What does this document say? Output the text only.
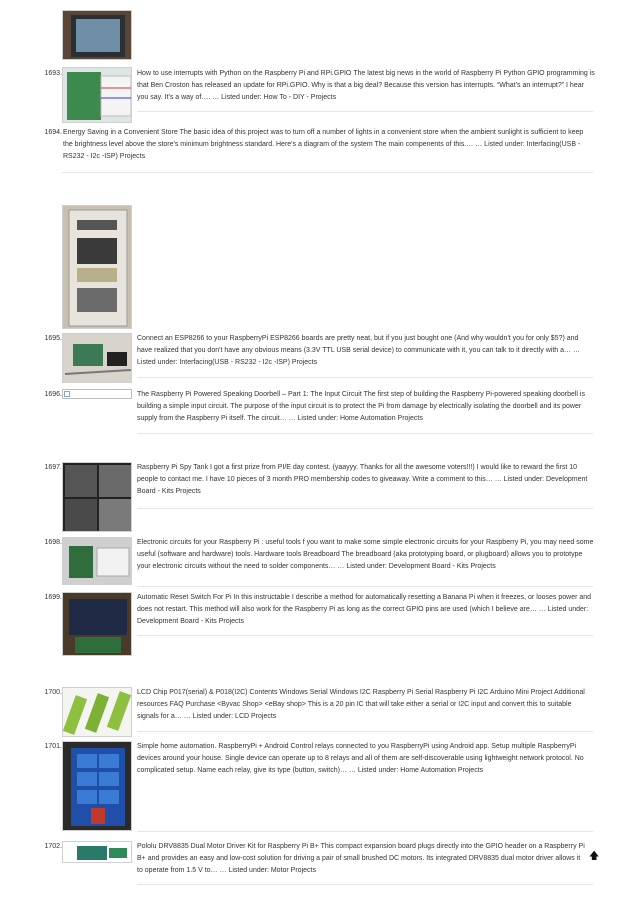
1693.	How to use interrupts with Python on the Raspberry Pi and RPi.GPIO The latest big news in the world of Raspberry Pi Python GPIO programming is that Ben Croston has released an update for RPi.GPIO. Why is that a big deal? Because this version has interrupts. “What’s an interrupt?” I hear you say. It’s a way of…. … Listed under: How To - DIY - Projects
1694. Energy Saving in a Convenient Store The basic idea of this project was to turn off a number of lights in a convenient store when the ambient sunlight is sufficient to keep the brightness level above the store's minimum brightness standard. Here's a diagram of the system The main compenents of this.… … Listed under: Interfacing(USB - RS232 - I2c -ISP) Projects
1695.	Connect an ESP8266 to your RaspberryPi ESP8266 boards are pretty neat, but if you just bought one (And why wouldn't you for only $5?) and have realized that you don't have any obvious means (3.3V TTL USB serial device) to communicate with it, you can talk to it directly with a… … Listed under: Interfacing(USB - RS232 - I2c -ISP) Projects
1696.	The Raspberry Pi Powered Speaking Doorbell – Part 1: The Input Circuit The first step of building the Raspberry Pi-powered speaking doorbell is building a simple input circuit. The purpose of the input circuit is to protect the Pi from damage by electrically isolating the doorbell and its power supply from the Raspberry Pi itself. The circuit… … Listed under: Home Automation Projects
1697.	Raspberry Pi Spy Tank I got a first prize from PI/E day contest. (yaayyy. Thanks for all the awesome voters!!!) I would like to reward the first 10 people to contact me. I have 10 pieces of 3 month PRO membership codes to giveaway. Write a comment to this… … Listed under: Development Board - Kits Projects
1698.	Electronic circuits for your Raspberry Pi : useful tools f you want to make some simple electronic circuits for your Raspberry Pi, you may need some useful (software and hardware) tools. Hardware tools Breadboard The breadboard (aka prototyping board, or plugboard) allows you to prototype your electronic circuits without the need to solder components… … Listed under: Development Board - Kits Projects
1699.	Automatic Reset Switch For Pi In this instructable I describe a method for automatically resetting a Banana Pi when it freezes, or looses power and does not restart. This method will also work for the Raspberry Pi as long as the correct GPIO pins are used (which I believe are… … Listed under: Development Board - Kits Projects
1700.	LCD Chip P017(serial) & P018(I2C) Contents Windows Serial Windows I2C Raspberry Pi Serial Raspberry Pi I2C Arduino Mini Project Additional resources FAQ Purchase <Byvac Shop> <eBay shop> This is a 20 pin IC that will take either a serial or I2C input and convert this to suitable signals for a… … Listed under: LCD Projects
1701.	Simple home automation. RaspberryPi + Android Control relays connected to you RaspberryPi using Android app. Setup multiple RaspberryPi devices around your house. Single device can operate up to 8 relays and all of them are self-discoverable using lightweight network protocol. No complicated setup. Name each relay, give its type (button, switch)… … Listed under: Home Automation Projects
1702.	Pololu DRV8835 Dual Motor Driver Kit for Raspberry Pi B+ This compact expansion board plugs directly into the GPIO header on a Raspberry Pi B+ and provides an easy and low-cost solution for driving a pair of small brushed DC motors. Its integrated DRV8835 dual motor driver allows it to operate from 1.5 V to… … Listed under: Motor Projects
🡅
